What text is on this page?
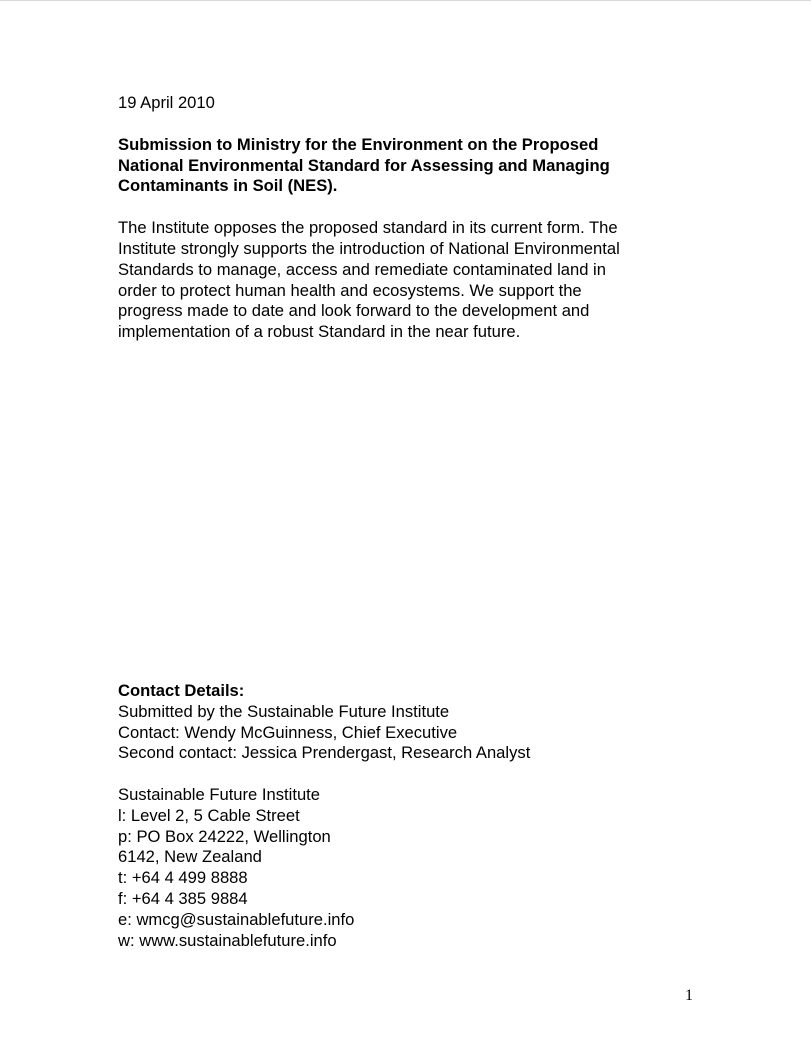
19 April 2010

Submission to Ministry for the Environment on the Proposed
National Environmental Standard for Assessing and Managing
Contaminants in Soil (NES).

The Institute opposes the proposed standard in its current form. The
Institute strongly supports the introduction of National Environmental
Standards to manage, access and remediate contaminated land in
order to protect human health and ecosystems. We support the
progress made to date and look forward to the development and
implementation of a robust Standard in the near future.

Contact Details:
Submitted by the Sustainable Future Institute
Contact: Wendy McGuinness, Chief Executive
Second contact: Jessica Prendergast, Research Analyst
Sustainable Future Institute
l: Level 2, 5 Cable Street
p: PO Box 24222, Wellington
6142, New Zealand
t: +64 4 499 8888
f: +64 4 385 9884
e: wmcg@sustainablefuture.info
w: www.sustainablefuture.info
1
